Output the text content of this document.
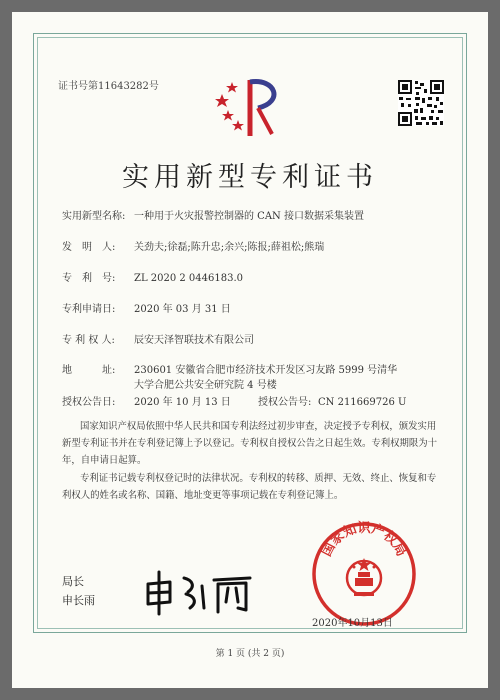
证书号第11643282号
实用新型专利证书
实用新型名称: 一种用于火灾报警控制器的 CAN 接口数据采集装置
发　明　人: 关劲夫;徐磊;陈升忠;余兴;陈报;薛祖松;熊瑞
专　利　号: ZL 2020 2 0446183.0
专利申请日: 2020 年 03 月 31 日
专 利 权 人: 辰安天泽智联技术有限公司
地　　　址: 230601 安徽省合肥市经济技术开发区习友路 5999 号清华
大学合肥公共安全研究院 4 号楼
授权公告日: 2020 年 10 月 13 日	授权公告号: CN 211669726 U
国家知识产权局依照中华人民共和国专利法经过初步审查，决定授予专利权，颁发实用
新型专利证书并在专利登记簿上予以登记。专利权自授权公告之日起生效。专利权期限为十
年，自申请日起算。
专利证书记载专利权登记时的法律状况。专利权的转移、质押、无效、终止、恢复和专
利权人的姓名或名称、国籍、地址变更等事项记载在专利登记簿上。
局长
申长雨
国家知识产权局
2020年10月13日
第 1 页 (共 2 页)
